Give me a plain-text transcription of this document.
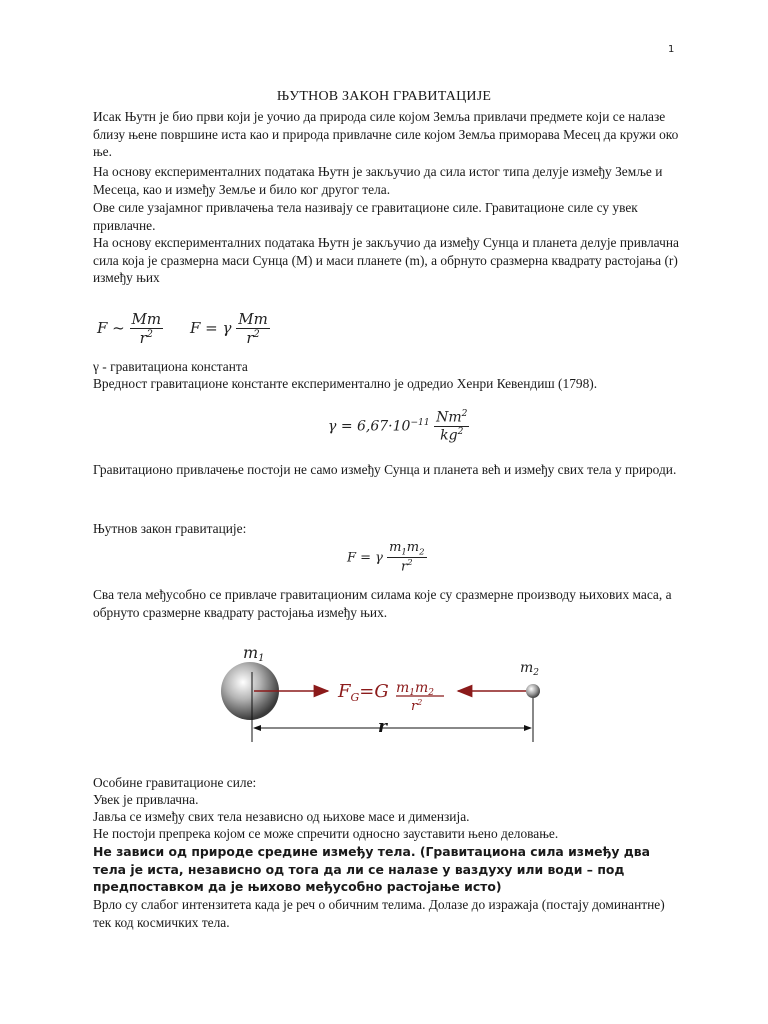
1
ЊУТНОВ ЗАКОН ГРАВИТАЦИЈЕ

Исак Њутн је био први који је уочио да природа силе којом Земља привлачи предмете који се налазе близу њене површине иста као и природа привлачне силе којом Земља приморава Месец да кружи око ње.

На основу експерименталних података Њутн је закључио да сила истог типа делује између Земље и Месеца, као и између Земље и било ког другог тела.

Ове силе узајамног привлачења тела називају се гравитационе силе. Гравитационе силе су увек привлачне.

На основу експерименталних података Њутн је закључио да између Сунца и планета делује привлачна сила која је сразмерна маси Сунца (M) и маси планете (m), а обрнуто сразмерна квадрату растојања (r) између њих

F ~ $\frac{Mm}{r^2}$ F = γ $\frac{Mm}{r^2}$

γ - гравитациона константа

Вредност гравитационе константе експериментално је одредио Хенри Кевендиш (1798).

$\gamma = 6,67\cdot 10^{-11} \frac{Nm^2}{kg^2}$

Гравитационо привлачење постоји не само између Сунца и планета већ и између свих тела у природи.

Њутнов закон гравитације:

F = γ $\frac{m_1m_2}{r^2}$

Сва тела међусобно се привлаче гравитационим силама које су сразмерне производу њихових маса, а обрнуто сразмерне квадрату растојања између њих.

m1
$m_2$
$F_G=G$ $m_1m_2$
$r^2$
r

Особине гравитационе силе:

Увек је привлачна.

Јавља се између свих тела независно од њихове масе и димензија.

Не постоји препрека којом се може спречити односно зауставити њено деловање.

Не зависи од природе средине између тела. (Гравитациона сила између два тела је иста, независно од тога да ли се налазе у ваздуху или води – под предпоставком да је њихово међусобно растојање исто)

Врло су слабог интензитета када је реч о обичним телима. Долазе до изражаја (постају доминантне) тек код космичких тела.
